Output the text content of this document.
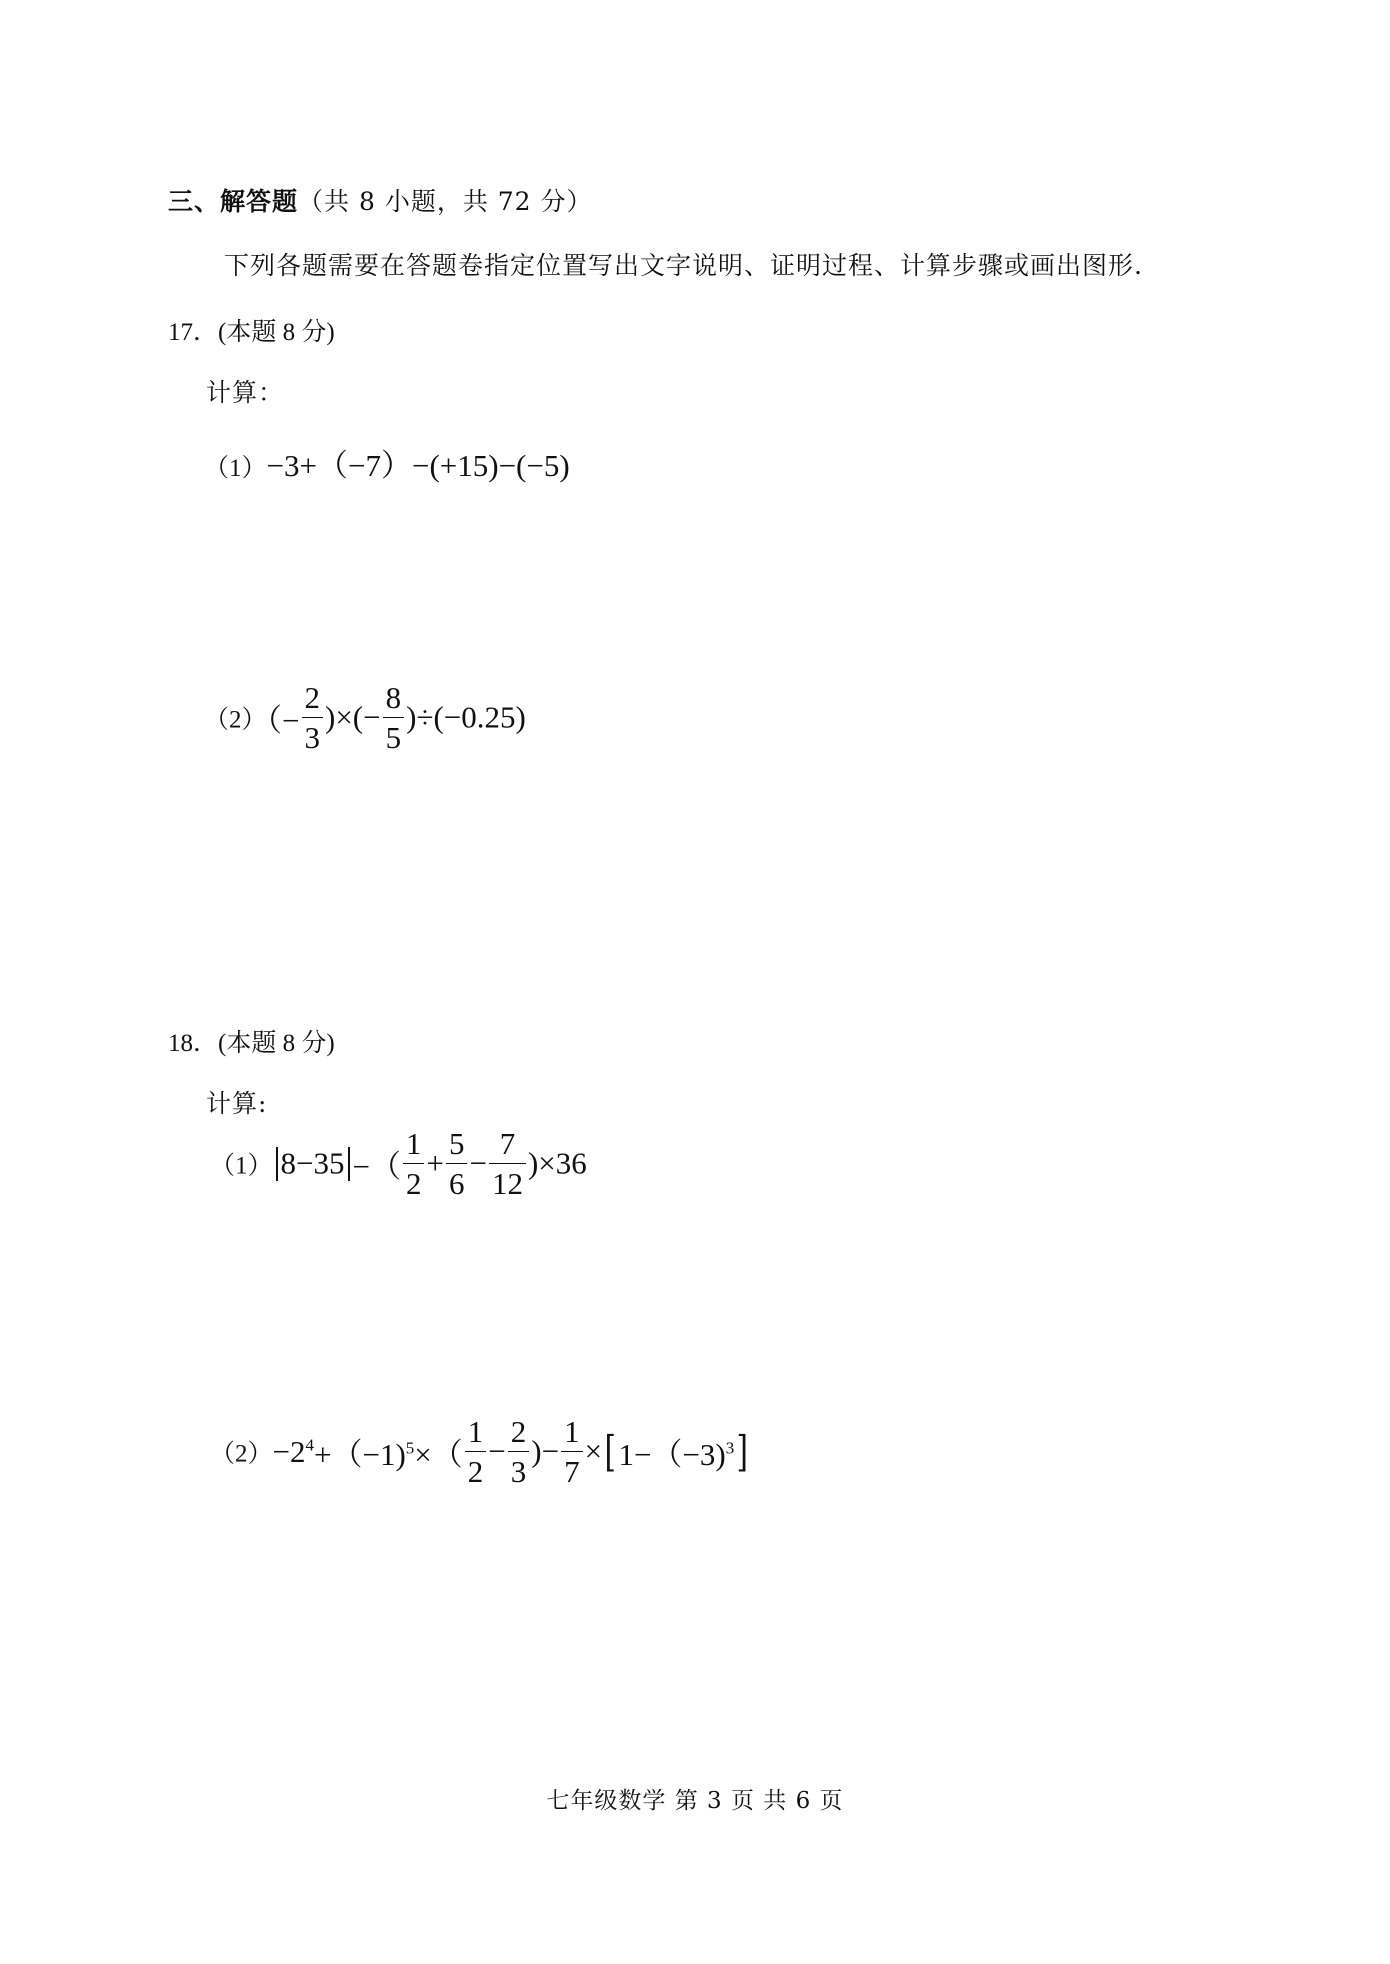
三、解答题（共 8 小题，共 72 分）
下列各题需要在答题卷指定位置写出文字说明、证明过程、计算步骤或画出图形.
17．(本题 8 分)
计算：
（1）−3+（−7）−(+15)−(−5)
$(2)(- \frac{2}{3}$ )×(− $\frac{8}{5} )\div(-0.25)$
18．(本题 8 分)
计算:
（1） 8−35 −（ $\frac{1}{2} + \frac{5}{6} - \frac{7}{12} )\times 36$
$(2)-2^4+(-1)^5\times( \frac{1}{2} - \frac{2}{3}$ )− $\frac{1}{7} \times[1-(-3)^3]$
七年级数学 第 3 页 共 6 页
